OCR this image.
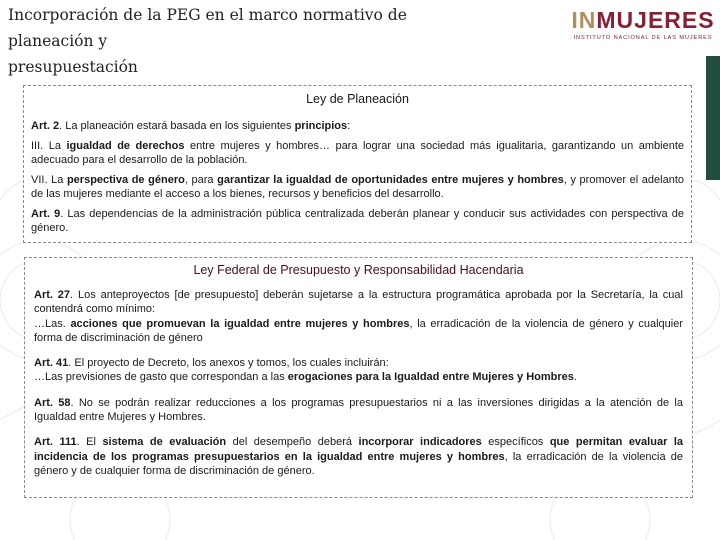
Incorporación de la PEG en el marco normativo de planeación y
presupuestación
INMUJERES
INSTITUTO NACIONAL DE LAS MUJERES
Ley de Planeación

Art. 2. La planeación estará basada en los siguientes principios:

III. La igualdad de derechos entre mujeres y hombres… para lograr una sociedad más igualitaria, garantizando un ambiente adecuado para el desarrollo de la población.

VII. La perspectiva de género, para garantizar la igualdad de oportunidades entre mujeres y hombres, y promover el adelanto de las mujeres mediante el acceso a los bienes, recursos y beneficios del desarrollo.

Art. 9. Las dependencias de la administración pública centralizada deberán planear y conducir sus actividades con perspectiva de género.

Ley Federal de Presupuesto y Responsabilidad Hacendaria

Art. 27. Los anteproyectos [de presupuesto] deberán sujetarse a la estructura programática aprobada por la Secretaría, la cual contendrá como mínimo:
…Las. acciones que promuevan la igualdad entre mujeres y hombres, la erradicación de la violencia de género y cualquier forma de discriminación de género

Art. 41. El proyecto de Decreto, los anexos y tomos, los cuales incluirán:
…Las previsiones de gasto que correspondan a las erogaciones para la Igualdad entre Mujeres y Hombres.

Art. 58. No se podrán realizar reducciones a los programas presupuestarios ni a las inversiones dirigidas a la atención de la Igualdad entre Mujeres y Hombres.

Art. 111. El sistema de evaluación del desempeño deberá incorporar indicadores específicos que permitan evaluar la incidencia de los programas presupuestarios en la igualdad entre mujeres y hombres, la erradicación de la violencia de género y de cualquier forma de discriminación de género.
